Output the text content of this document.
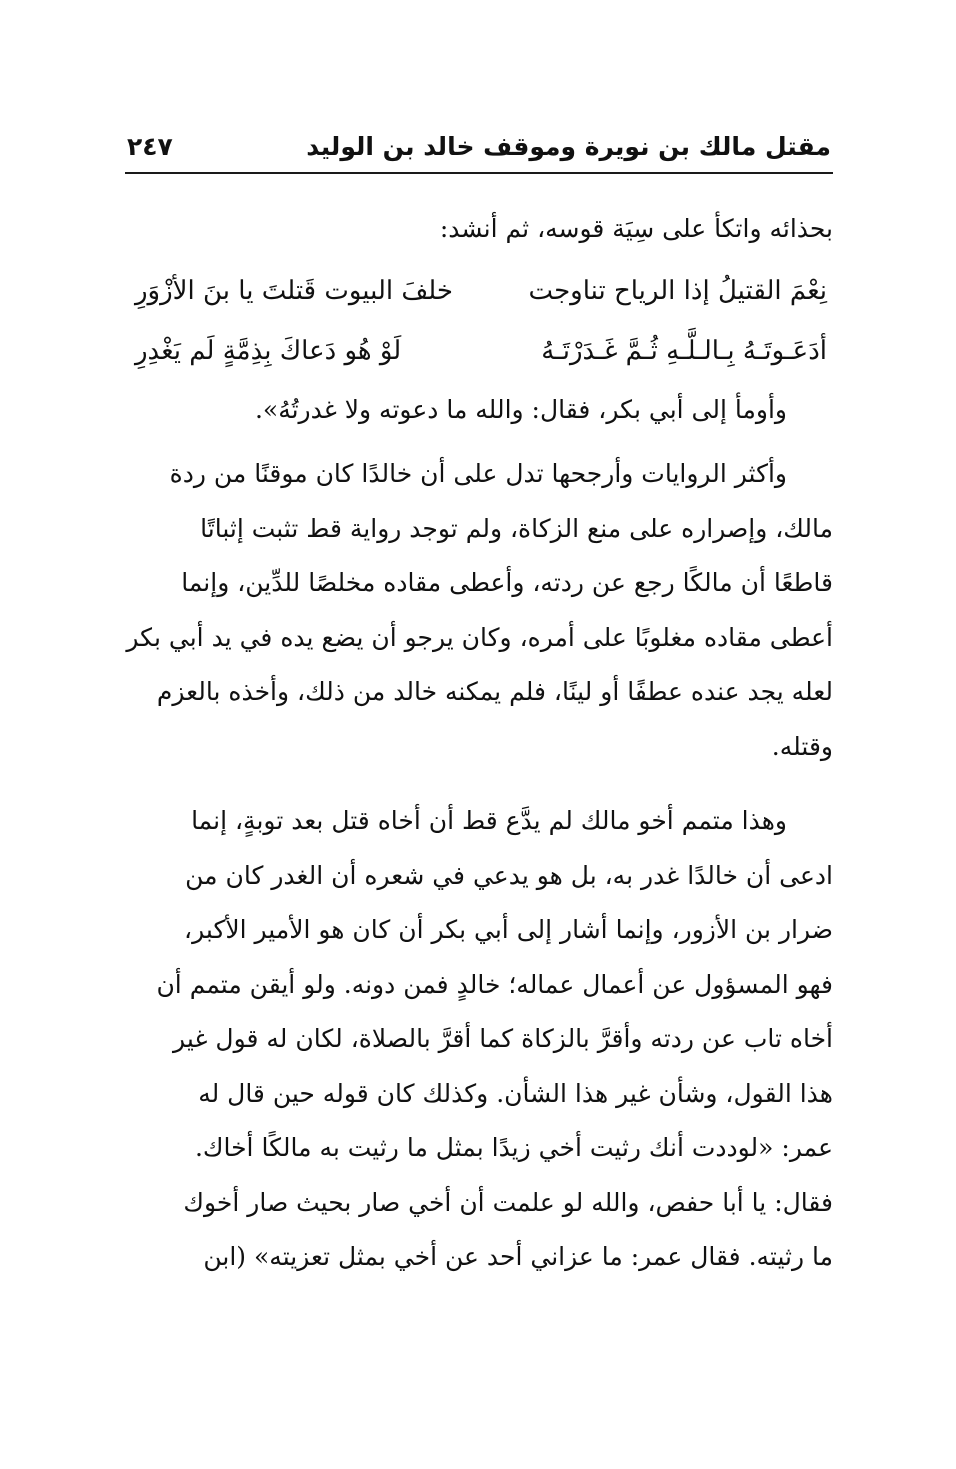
مقتل مالك بن نويرة وموقف خالد بن الوليد
٢٤٧
بحذائه واتكأ على سِيَة قوسه، ثم أنشد:
نِعْمَ القتيلُ إذا الرياح تناوجت
خلفَ البيوت قَتلتَ يا بنَ الأزْوَرِ
أدَعَـوتَـهُ بِـالـلَّـهِ ثُـمَّ غَـدَرْتَـهُ
لَوْ هُو دَعاكَ بِذِمَّةٍ لَم يَغْدِرِ
وأومأ إلى أبي بكر، فقال: والله ما دعوته ولا غدرتُهُ».
وأكثر الروايات وأرجحها تدل على أن خالدًا كان موقنًا من ردة
مالك، وإصراره على منع الزكاة، ولم توجد رواية قط تثبت إثباتًا
قاطعًا أن مالكًا رجع عن ردته، وأعطى مقاده مخلصًا للدِّين، وإنما
أعطى مقاده مغلوبًا على أمره، وكان يرجو أن يضع يده في يد أبي بكر
لعله يجد عنده عطفًا أو لينًا، فلم يمكنه خالد من ذلك، وأخذه بالعزم
وقتله.
وهذا متمم أخو مالك لم يدَّع قط أن أخاه قتل بعد توبةٍ، إنما
ادعى أن خالدًا غدر به، بل هو يدعي في شعره أن الغدر كان من
ضرار بن الأزور، وإنما أشار إلى أبي بكر أن كان هو الأمير الأكبر،
فهو المسؤول عن أعمال عماله؛ خالدٍ فمن دونه. ولو أيقن متمم أن
أخاه تاب عن ردته وأقرَّ بالزكاة كما أقرَّ بالصلاة، لكان له قول غير
هذا القول، وشأن غير هذا الشأن. وكذلك كان قوله حين قال له
عمر: «لوددت أنك رثيت أخي زيدًا بمثل ما رثيت به مالكًا أخاك.
فقال: يا أبا حفص، والله لو علمت أن أخي صار بحيث صار أخوك
ما رثيته. فقال عمر: ما عزاني أحد عن أخي بمثل تعزيته» (ابن
